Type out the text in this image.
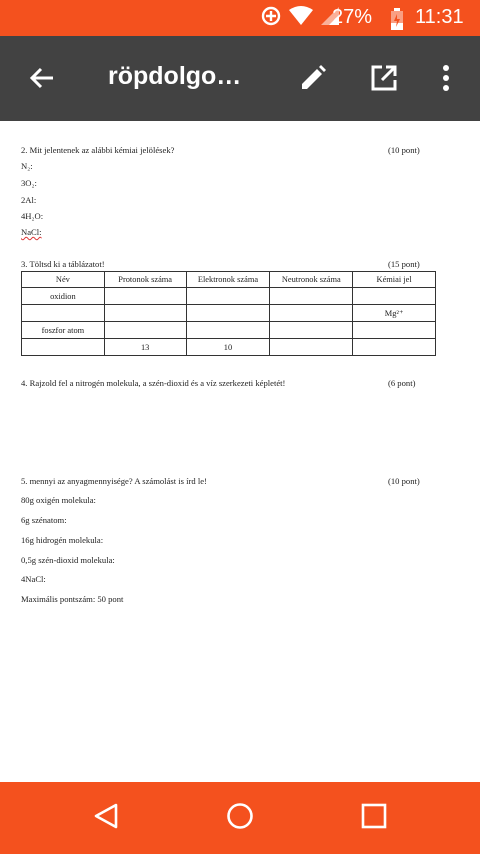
27% 11:31
röpdolgo…
2. Mit jelentenek az alábbi kémiai jelölések?	(10 pont)
N₂:
3O₂:
2Al:
4H₂O:
NaCl:
3. Töltsd ki a táblázatot!	(15 pont)
Név	Protonok száma	Elektronok száma	Neutronok száma	Kémiai jel
oxidion				
				Mg²⁺
foszfor atom				
	13	10		
4. Rajzold fel a nitrogén molekula, a szén-dioxid és a víz szerkezeti képletét!	(6 pont)
5. mennyi az anyagmennyisége? A számolást is írd le!	(10 pont)
80g oxigén molekula:
6g szénatom:
16g hidrogén molekula:
0,5g szén-dioxid molekula:
4NaCl:
Maximális pontszám: 50 pont
